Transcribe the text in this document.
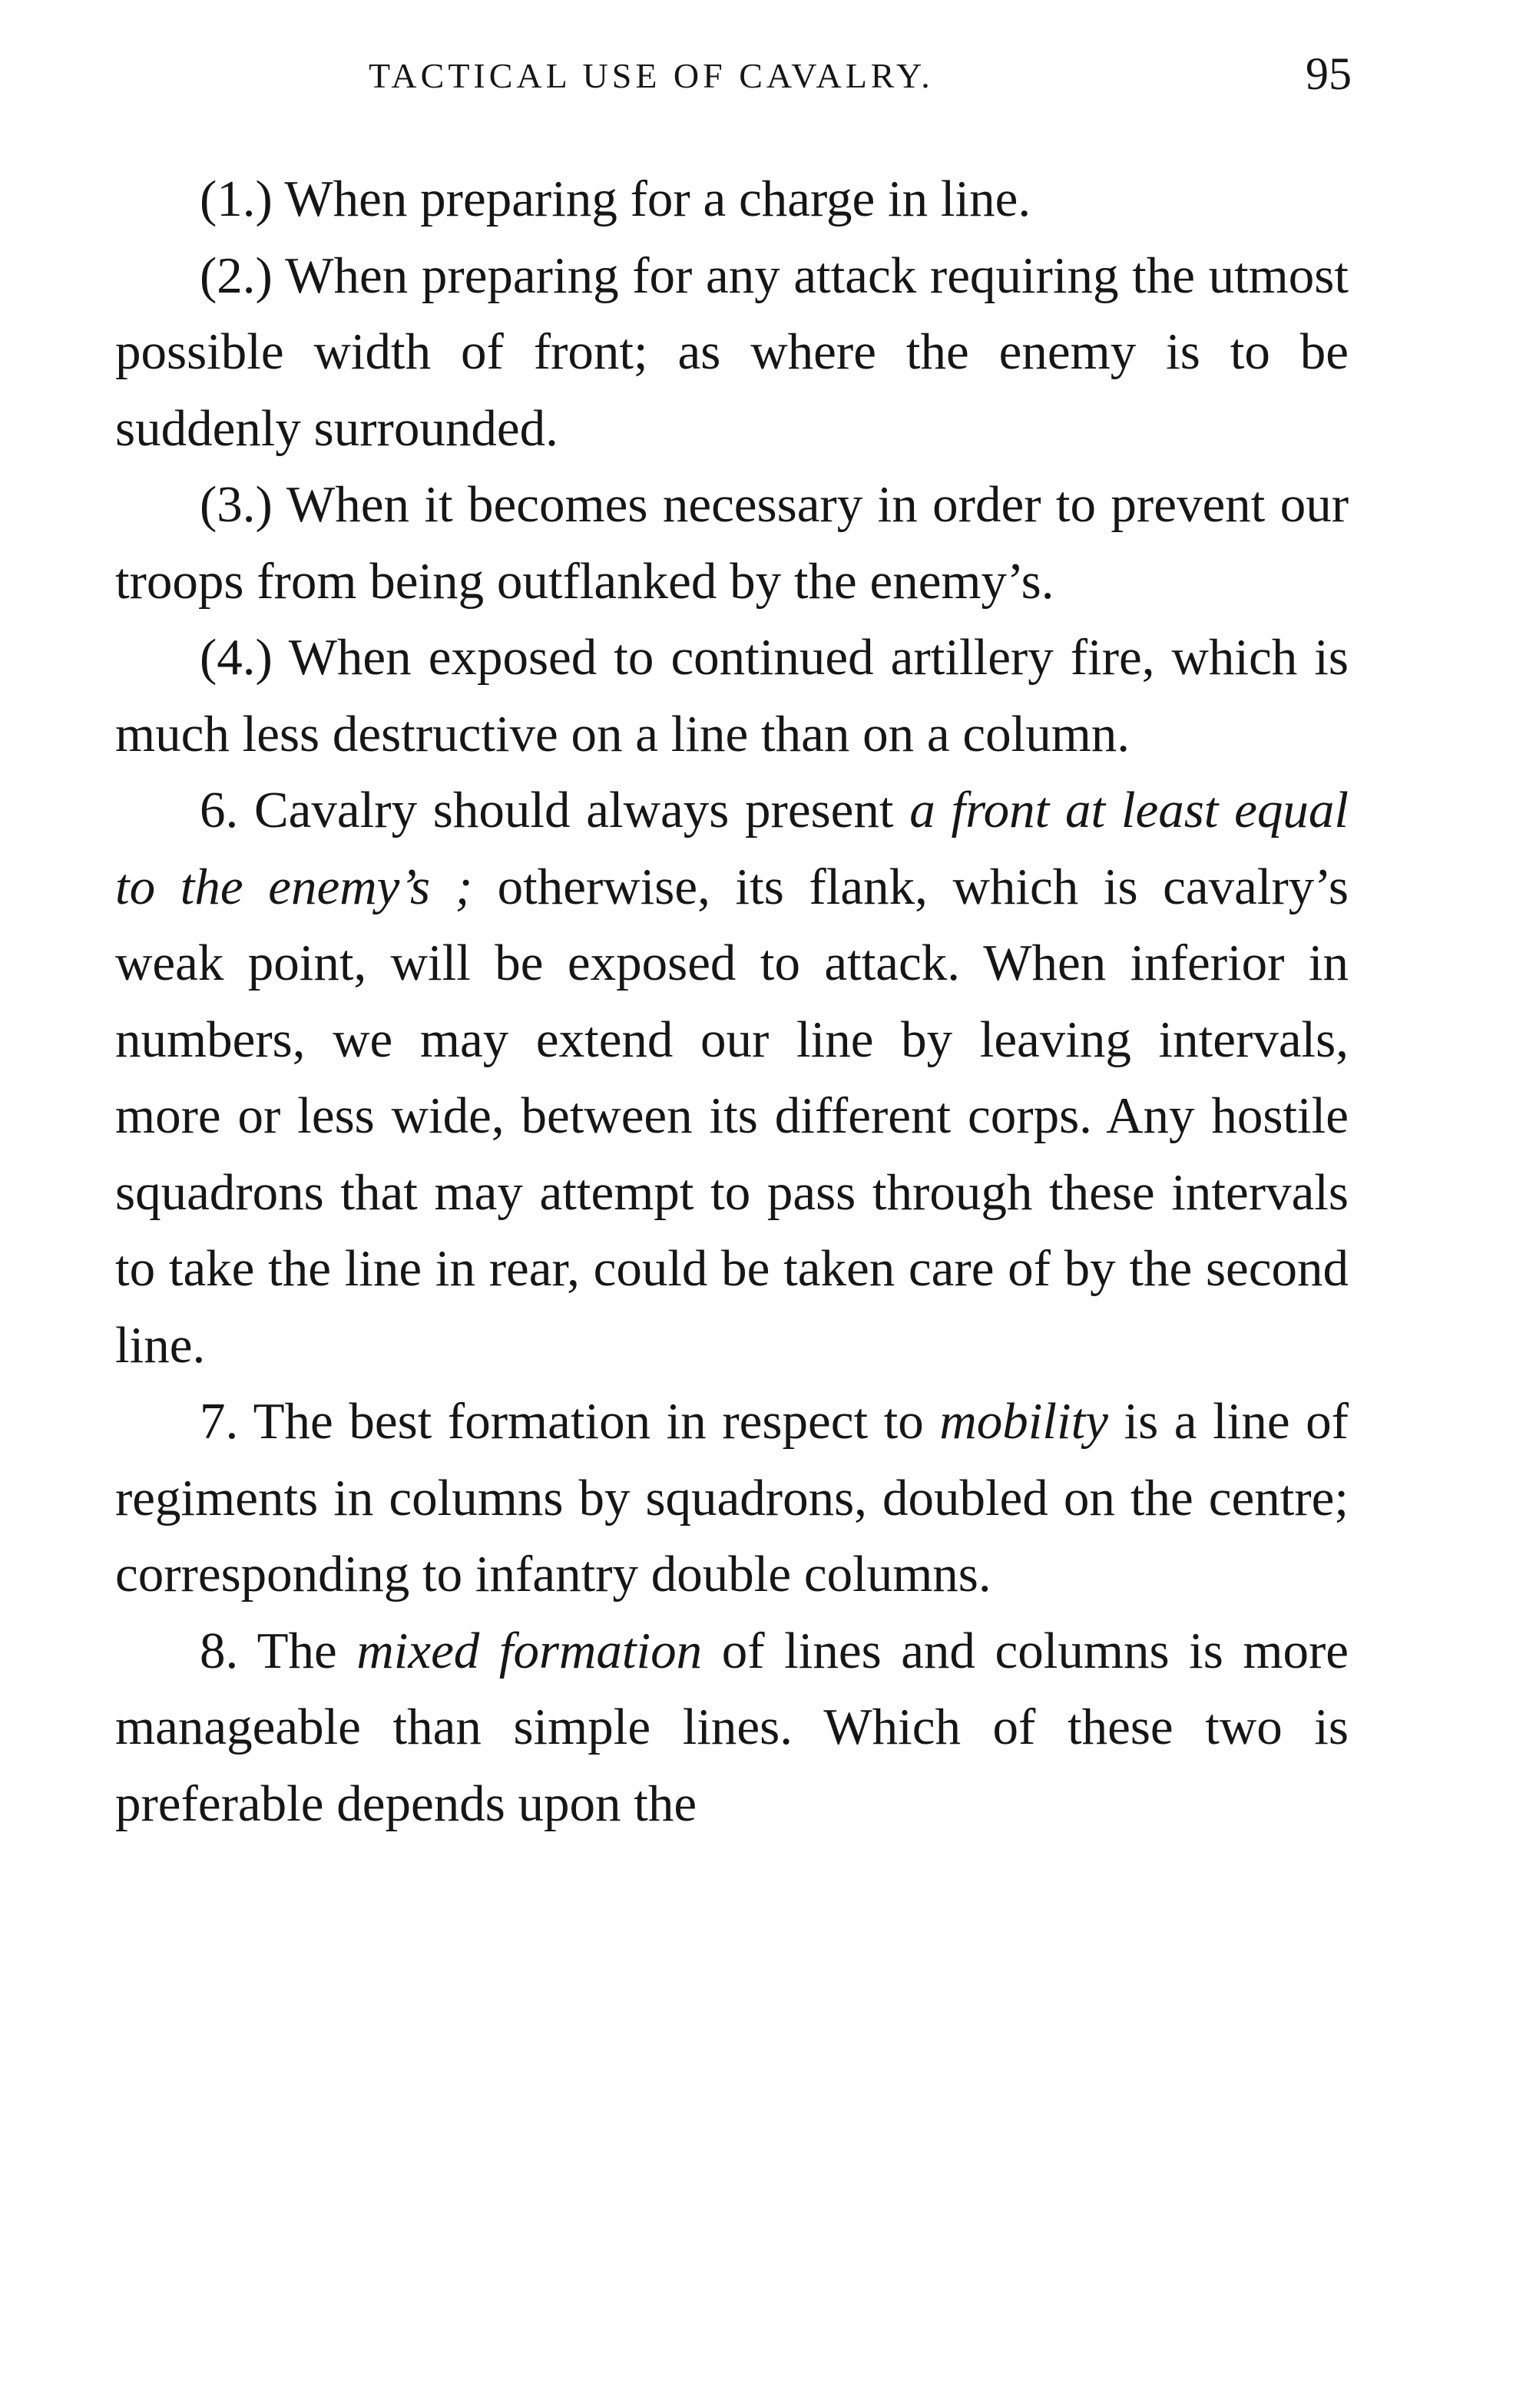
TACTICAL USE OF CAVALRY.	95

(1.) When preparing for a charge in line.

(2.) When preparing for any attack requiring the utmost possible width of front; as where the enemy is to be suddenly surrounded.

(3.) When it becomes necessary in order to prevent our troops from being outflanked by the enemy’s.

(4.) When exposed to continued artillery fire, which is much less destructive on a line than on a column.

6. Cavalry should always present a front at least equal to the enemy’s ; otherwise, its flank, which is cavalry’s weak point, will be exposed to attack. When inferior in numbers, we may extend our line by leaving intervals, more or less wide, between its different corps. Any hostile squadrons that may attempt to pass through these intervals to take the line in rear, could be taken care of by the second line.

7. The best formation in respect to mobility is a line of regiments in columns by squadrons, doubled on the centre; corresponding to infantry double columns.

8. The mixed formation of lines and columns is more manageable than simple lines. Which of these two is preferable depends upon the
